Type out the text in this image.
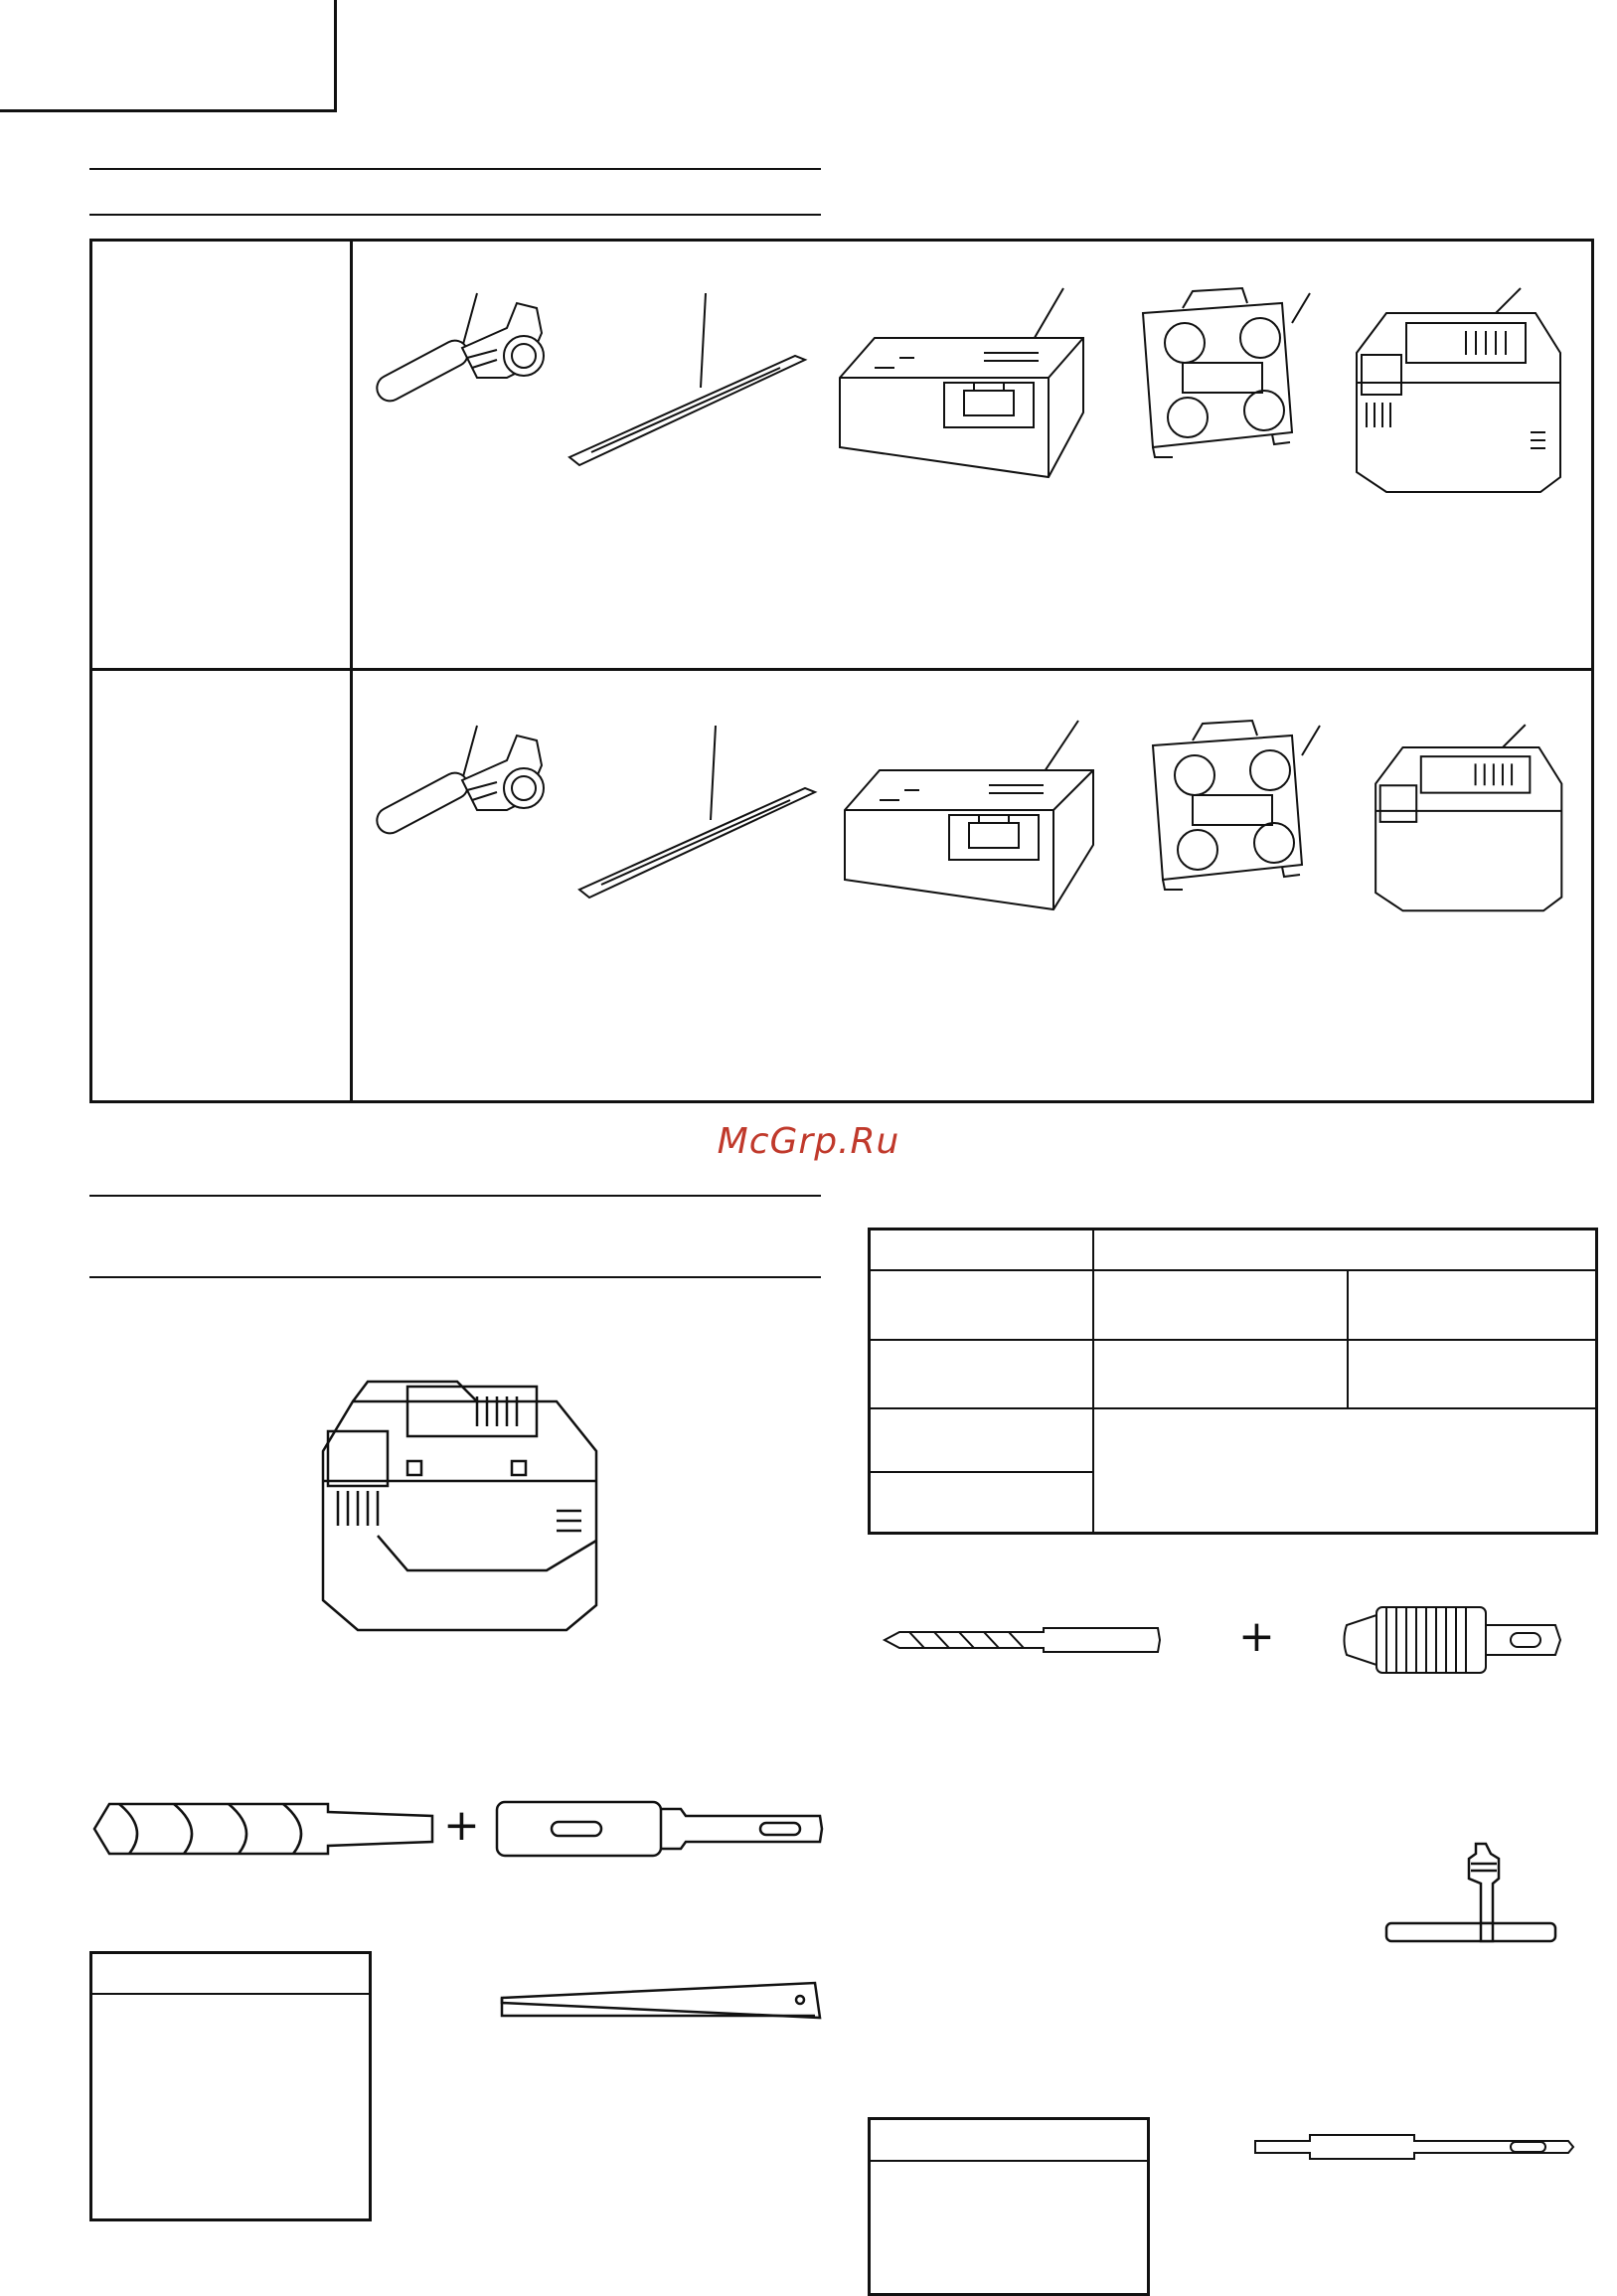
McGrp.Ru
+
+
